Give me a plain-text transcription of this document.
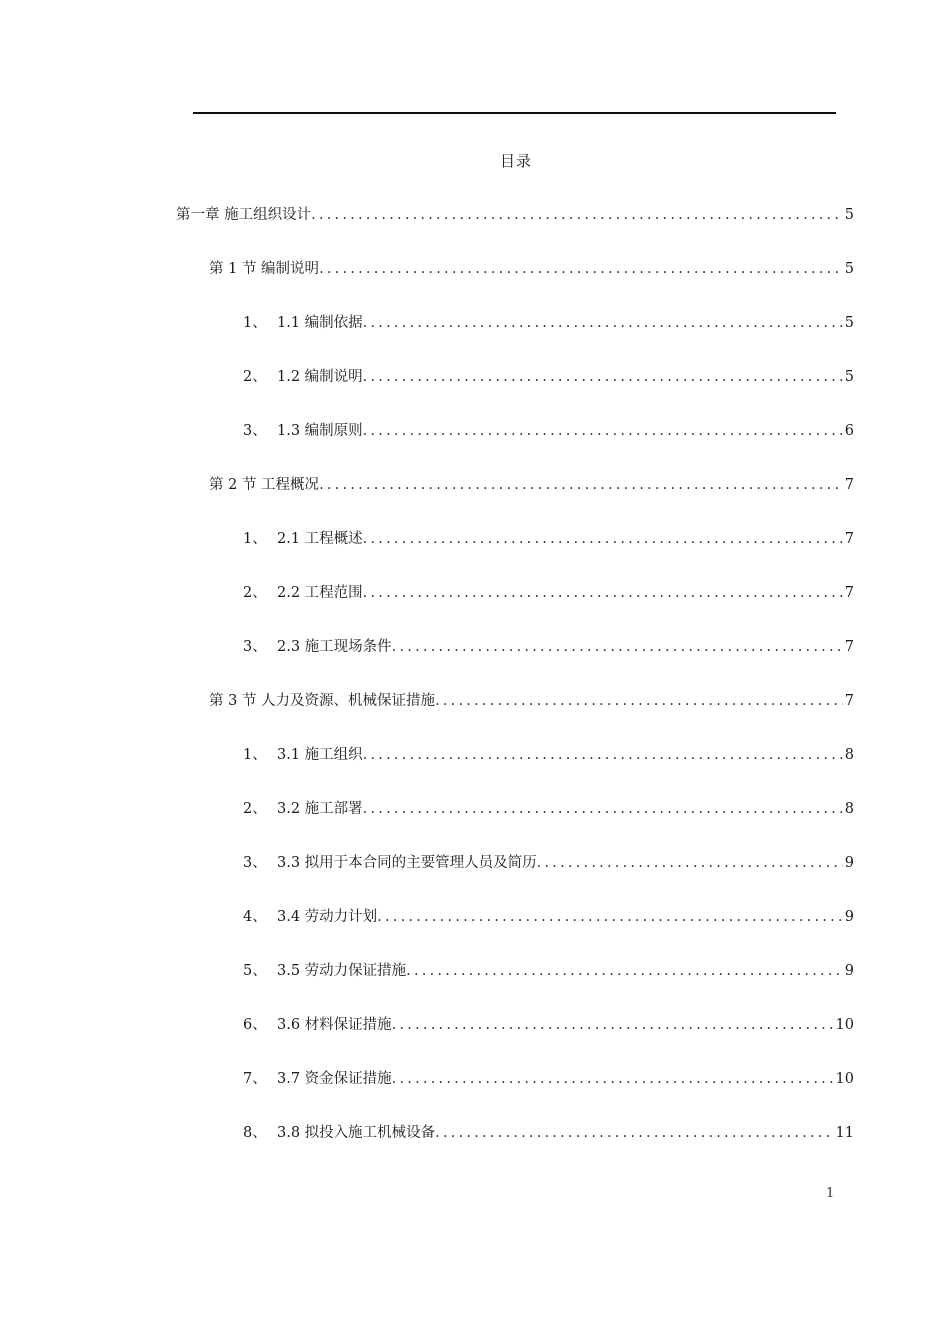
目录
第一章 施工组织设计 .....	5
第 1 节 编制说明 .....	5
1、 1.1 编制依据 .....	5
2、 1.2 编制说明 .....	5
3、 1.3 编制原则 .....	6
第 2 节 工程概况 .....	7
1、 2.1 工程概述 .....	7
2、 2.2 工程范围 .....	7
3、 2.3 施工现场条件 .....	7
第 3 节 人力及资源、机械保证措施 .....	7
1、 3.1 施工组织 .....	8
2、 3.2 施工部署 .....	8
3、 3.3 拟用于本合同的主要管理人员及简历 .....	9
4、 3.4 劳动力计划 .....	9
5、 3.5 劳动力保证措施 .....	9
6、 3.6 材料保证措施 .....	10
7、 3.7 资金保证措施 .....	10
8、 3.8 拟投入施工机械设备 .....	11
1
